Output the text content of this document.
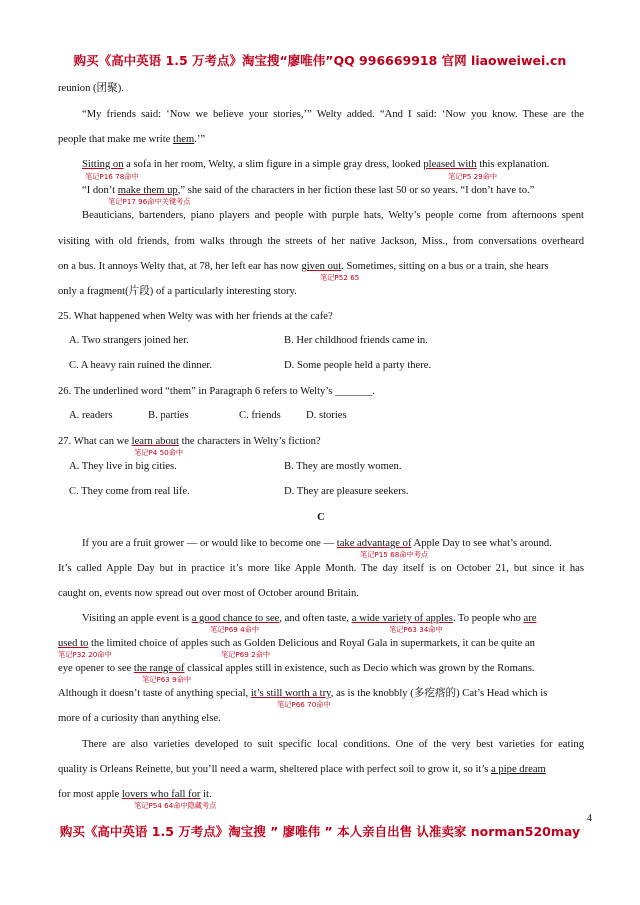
购买《高中英语 1.5 万考点》淘宝搜“廖唯伟”QQ 996669918 官网 liaoweiwei.cn
reunion (团聚).
“My friends said: ‘Now we believe your stories,’” Welty added. “And I said: ‘Now you know. These are the
people that make me write them.’”
Sitting on a sofa in her room, Welty, a slim figure in a simple gray dress, looked pleased with this explanation.
笔记P16 78命中	笔记P5 29命中
“I don’t make them up,” she said of the characters in her fiction these last 50 or so years. “I don’t have to.”
笔记P17 96命中关键考点
Beauticians, bartenders, piano players and people with purple hats, Welty’s people come from afternoons spent
visiting with old friends, from walks through the streets of her native Jackson, Miss., from conversations overheard
on a bus. It annoys Welty that, at 78, her left ear has now given out. Sometimes, sitting on a bus or a train, she hears
笔记P52 65
only a fragment(片段) of a particularly interesting story.
25. What happened when Welty was with her friends at the cafe?
A. Two strangers joined her.	B. Her childhood friends came in.
C. A heavy rain ruined the dinner.	D. Some people held a party there.
26. The underlined word “them” in Paragraph 6 refers to Welty’s _______.
A. readers	B. parties	C. friends D. stories
27. What can we learn about the characters in Welty’s fiction?
笔记P4 50命中
A. They live in big cities.	B. They are mostly women.
C. They come from real life.	D. They are pleasure seekers.
C
If you are a fruit grower — or would like to become one — take advantage of Apple Day to see what’s around.
笔记P15 68命中考点
It’s called Apple Day but in practice it’s more like Apple Month. The day itself is on October 21, but since it has
caught on, events now spread out over most of October around Britain.
Visiting an apple event is a good chance to see, and often taste, a wide variety of apples. To people who are
笔记P69 4命中	笔记P63 34命中
used to the limited choice of apples such as Golden Delicious and Royal Gala in supermarkets, it can be quite an
笔记P32 20命中	笔记P69 2命中
eye opener to see the range of classical apples still in existence, such as Decio which was grown by the Romans.
笔记P63 9命中
Although it doesn’t taste of anything special, it’s still worth a try, as is the knobbly (多疙瘩的) Cat’s Head which is
笔记P66 70命中
more of a curiosity than anything else.
There are also varieties developed to suit specific local conditions. One of the very best varieties for eating
quality is Orleans Reinette, but you’ll need a warm, sheltered place with perfect soil to grow it, so it’s a pipe dream
for most apple lovers who fall for it.
笔记P54 64命中隐藏考点
4
购买《高中英语 1.5 万考点》淘宝搜 ” 廖唯伟 ” 本人亲自出售 认准卖家 norman520may
